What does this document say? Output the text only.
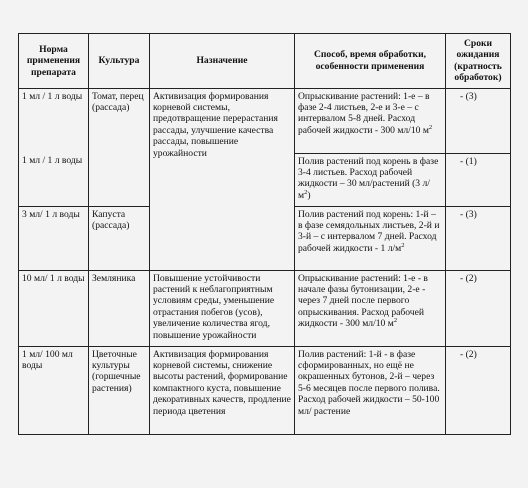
Норма применения препарата	Культура	Назначение	Способ, время обработки, особенности применения	Сроки ожидания (кратность обработок)
1 мл / 1 л воды	Томат, перец (рассада)	Активизация формирования корневой системы, предотвращение перерастания рассады, улучшение качества рассады, повышение урожайности	Опрыскивание растений: 1-е – в фазе 2-4 листьев, 2-е и 3-е – с интервалом 5-8 дней. Расход рабочей жидкости - 300 мл/10 $м^2$	- (3)
1 мл / 1 л воды			Полив растений под корень в фазе 3-4 листьев. Расход рабочей жидкости – 30 мл/растений (3 $л/м^2$)	- (1)
3 мл/ 1 л воды	Капуста (рассада)		Полив растений под корень: 1-й – в фазе семядольных листьев, 2-й и 3-й – с интервалом 7 дней. Расход рабочей жидкости - 1 $л/м^2$	- (3)
10 мл/ 1 л воды	Земляника	Повышение устойчивости растений к неблагоприятным условиям среды, уменьшение отрастания побегов (усов), увеличение количества ягод, повышение урожайности	Опрыскивание растений: 1-е - в начале фазы бутонизации, 2-е - через 7 дней после первого опрыскивания. Расход рабочей жидкости - 300 мл/10 $м^2$	- (2)
1 мл/ 100 мл воды	Цветочные культуры (горшечные растения)	Активизация формирования корневой системы, снижение высоты растений, формирование компактного куста, повышение декоративных качеств, продление периода цветения	Полив растений: 1-й - в фазе сформированных, но ещё не окрашенных бутонов, 2-й – через 5-6 месяцев после первого полива. Расход рабочей жидкости – 50-100 мл/ растение	- (2)
